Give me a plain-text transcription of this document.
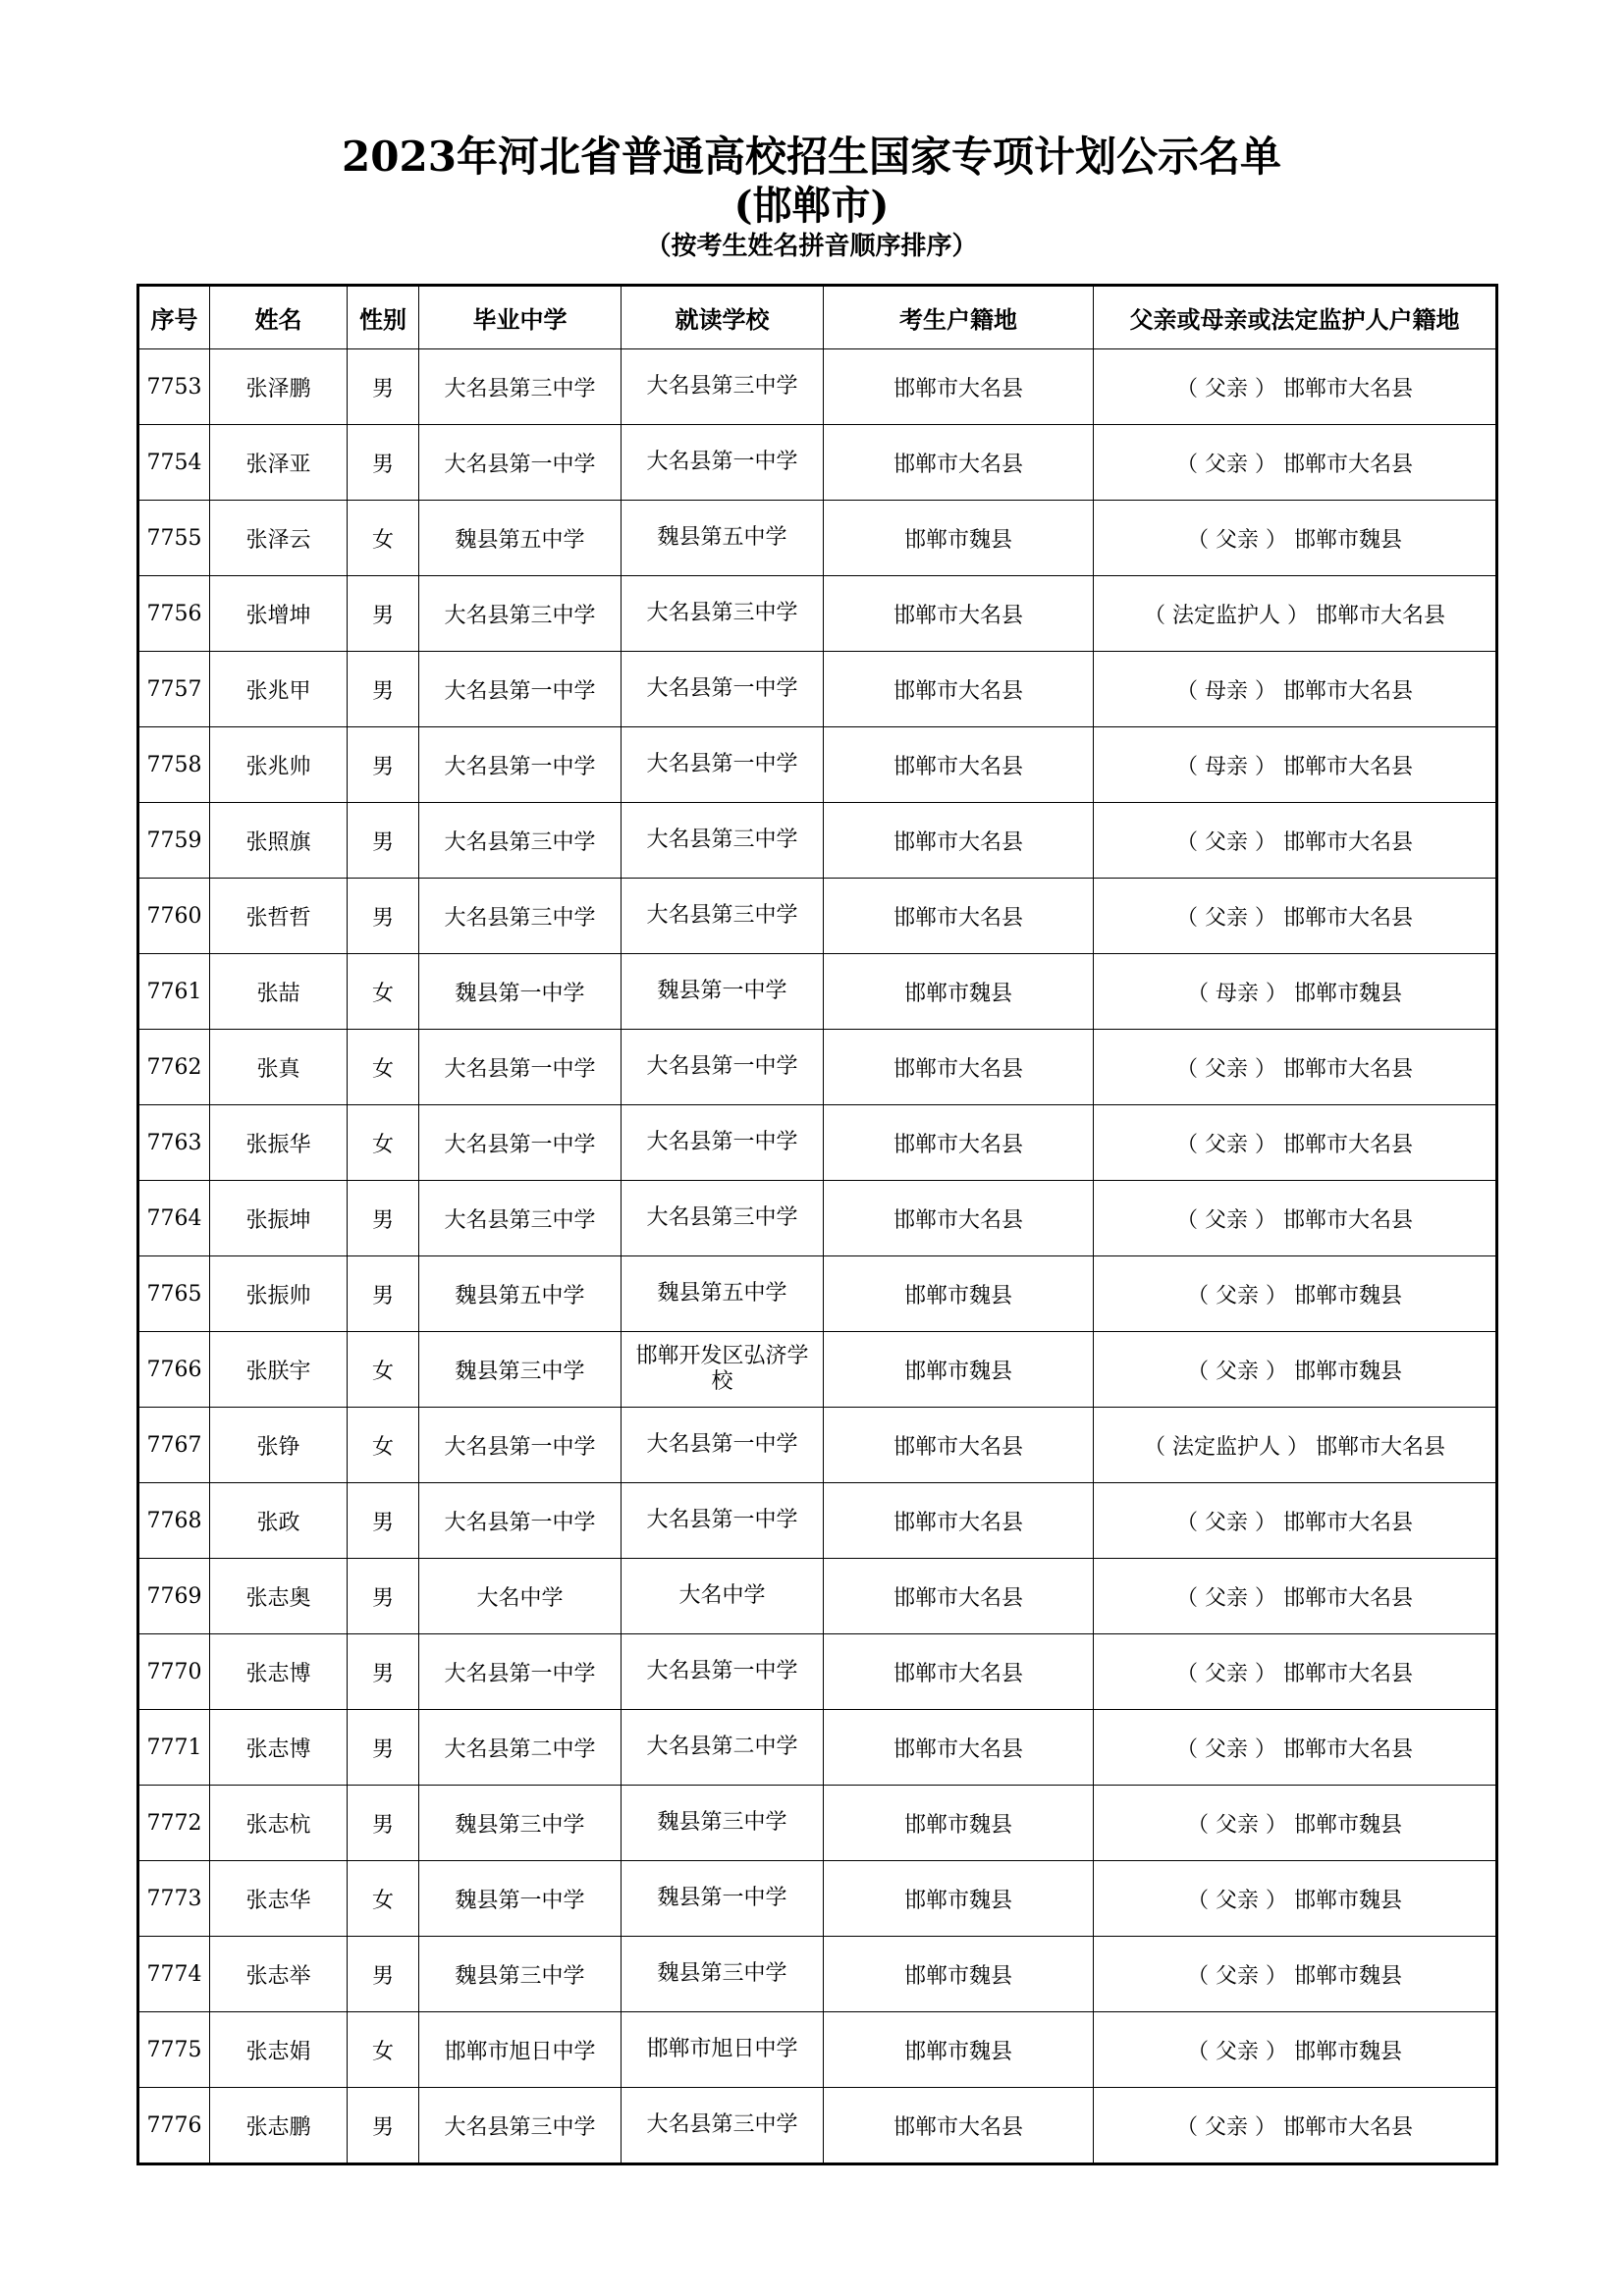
2023年河北省普通高校招生国家专项计划公示名单
(邯郸市)
（按考生姓名拼音顺序排序）
序号	姓名	性别	毕业中学	就读学校	考生户籍地	父亲或母亲或法定监护人户籍地
7753	张泽鹏	男	大名县第三中学	大名县第三中学	邯郸市大名县	（ 父亲 ） 邯郸市大名县
7754	张泽亚	男	大名县第一中学	大名县第一中学	邯郸市大名县	（ 父亲 ） 邯郸市大名县
7755	张泽云	女	魏县第五中学	魏县第五中学	邯郸市魏县	（ 父亲 ） 邯郸市魏县
7756	张增坤	男	大名县第三中学	大名县第三中学	邯郸市大名县	（ 法定监护人 ） 邯郸市大名县
7757	张兆甲	男	大名县第一中学	大名县第一中学	邯郸市大名县	（ 母亲 ） 邯郸市大名县
7758	张兆帅	男	大名县第一中学	大名县第一中学	邯郸市大名县	（ 母亲 ） 邯郸市大名县
7759	张照旗	男	大名县第三中学	大名县第三中学	邯郸市大名县	（ 父亲 ） 邯郸市大名县
7760	张哲哲	男	大名县第三中学	大名县第三中学	邯郸市大名县	（ 父亲 ） 邯郸市大名县
7761	张喆	女	魏县第一中学	魏县第一中学	邯郸市魏县	（ 母亲 ） 邯郸市魏县
7762	张真	女	大名县第一中学	大名县第一中学	邯郸市大名县	（ 父亲 ） 邯郸市大名县
7763	张振华	女	大名县第一中学	大名县第一中学	邯郸市大名县	（ 父亲 ） 邯郸市大名县
7764	张振坤	男	大名县第三中学	大名县第三中学	邯郸市大名县	（ 父亲 ） 邯郸市大名县
7765	张振帅	男	魏县第五中学	魏县第五中学	邯郸市魏县	（ 父亲 ） 邯郸市魏县
7766	张朕宇	女	魏县第三中学	邯郸开发区弘济学校	邯郸市魏县	（ 父亲 ） 邯郸市魏县
7767	张铮	女	大名县第一中学	大名县第一中学	邯郸市大名县	（ 法定监护人 ） 邯郸市大名县
7768	张政	男	大名县第一中学	大名县第一中学	邯郸市大名县	（ 父亲 ） 邯郸市大名县
7769	张志奥	男	大名中学	大名中学	邯郸市大名县	（ 父亲 ） 邯郸市大名县
7770	张志博	男	大名县第一中学	大名县第一中学	邯郸市大名县	（ 父亲 ） 邯郸市大名县
7771	张志博	男	大名县第二中学	大名县第二中学	邯郸市大名县	（ 父亲 ） 邯郸市大名县
7772	张志杭	男	魏县第三中学	魏县第三中学	邯郸市魏县	（ 父亲 ） 邯郸市魏县
7773	张志华	女	魏县第一中学	魏县第一中学	邯郸市魏县	（ 父亲 ） 邯郸市魏县
7774	张志举	男	魏县第三中学	魏县第三中学	邯郸市魏县	（ 父亲 ） 邯郸市魏县
7775	张志娟	女	邯郸市旭日中学	邯郸市旭日中学	邯郸市魏县	（ 父亲 ） 邯郸市魏县
7776	张志鹏	男	大名县第三中学	大名县第三中学	邯郸市大名县	（ 父亲 ） 邯郸市大名县
